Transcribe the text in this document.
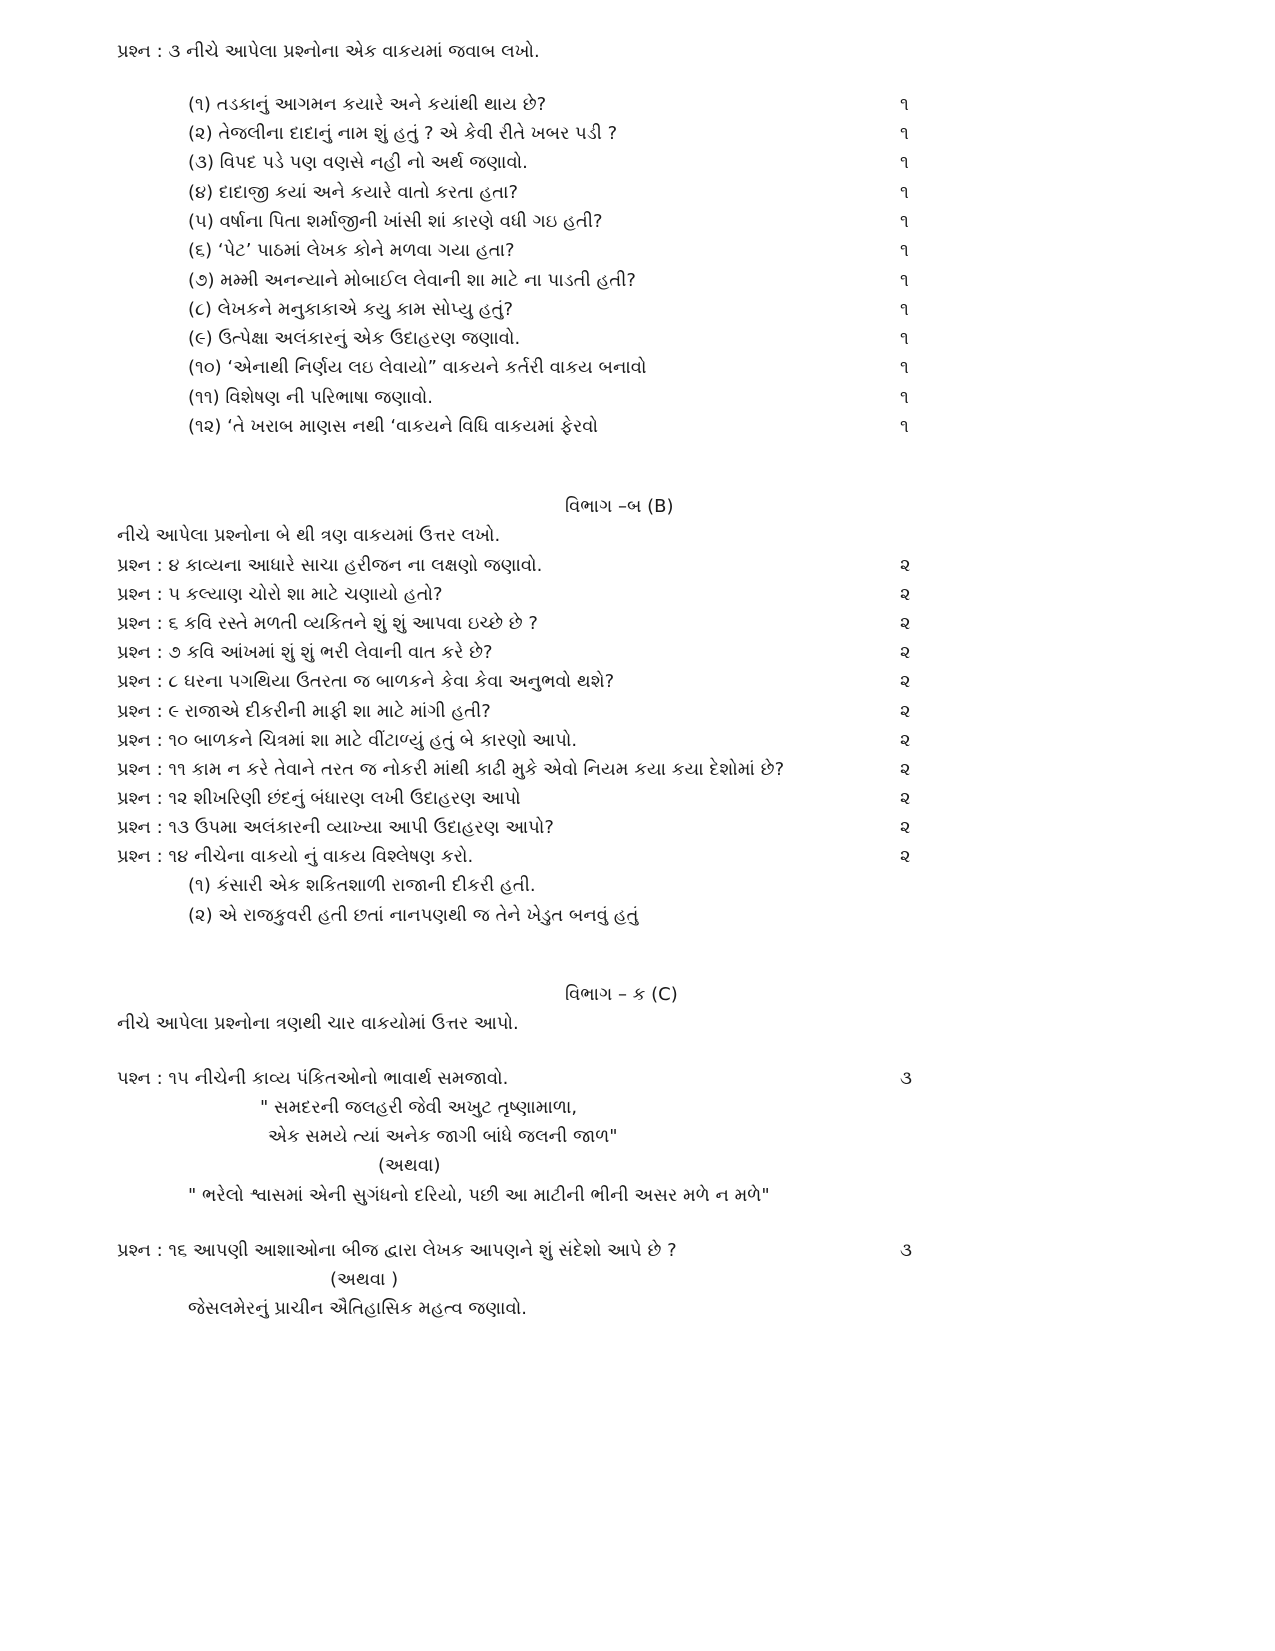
પ્રશ્ન : ૩ નીચે આપેલા પ્રશ્નોના એક વાકયમાં જવાબ લખો.
(૧) તડકાનું આગમન કયારે અને કયાંથી થાય છે?	૧
(૨) તેજલીના દાદાનું નામ શું હતું ? એ કેવી રીતે ખબર પડી ?	૧
(૩) વિપદ પડે પણ વણસે નહી નો અર્થ જણાવો.	૧
(૪) દાદાજી કયાં અને કયારે વાતો કરતા હતા?	૧
(૫) વર્ષાના પિતા શર્માજીની ખાંસી શાં કારણે વધી ગઇ હતી?	૧
(૬) ‘પેટ’ પાઠમાં લેખક કોને મળવા ગયા હતા?	૧
(૭) મમ્મી અનન્યાને મોબાઈલ લેવાની શા માટે ના પાડતી હતી?	૧
(૮) લેખકને મનુકાકાએ કયુ કામ સોપ્યુ હતું?	૧
(૯) ઉત્પેક્ષા અલંકારનું એક ઉદાહરણ જણાવો.	૧
(૧૦) ‘એનાથી નિર્ણય લઇ લેવાયો” વાકયને કર્તરી વાકય બનાવો	૧
(૧૧) વિશેષણ ની પરિભાષા જણાવો.	૧
(૧૨) ‘તે ખરાબ માણસ નથી ‘વાકયને વિધિ વાકયમાં ફેરવો	૧
વિભાગ –બ (B)
નીચે આપેલા પ્રશ્નોના બે થી ત્રણ વાકયમાં ઉત્તર લખો.
પ્રશ્ન : ૪ કાવ્યના આધારે સાચા હરીજન ના લક્ષણો જણાવો.	૨
પ્રશ્ન : ૫ કલ્યાણ ચોરો શા માટે ચણાયો હતો?	૨
પ્રશ્ન : ૬ કવિ રસ્તે મળતી વ્યકિતને શું શું આપવા ઇચ્છે છે ?	૨
પ્રશ્ન : ૭ કવિ આંખમાં શું શું ભરી લેવાની વાત કરે છે?	૨
પ્રશ્ન : ૮ ઘરના પગથિયા ઉતરતા જ બાળકને કેવા કેવા અનુભવો થશે?	૨
પ્રશ્ન : ૯ રાજાએ દીકરીની માફી શા માટે માંગી હતી?	૨
પ્રશ્ન : ૧૦ બાળકને ચિત્રમાં શા માટે વીંટાળ્યું હતું બે કારણો આપો.	૨
પ્રશ્ન : ૧૧ કામ ન કરે તેવાને તરત જ નોકરી માંથી કાઢી મુકે એવો નિયમ કયા કયા દેશોમાં છે?	૨
પ્રશ્ન : ૧૨ શીખરિણી છંદનું બંધારણ લખી ઉદાહરણ આપો	૨
પ્રશ્ન : ૧૩ ઉપમા અલંકારની વ્યાખ્યા આપી ઉદાહરણ આપો?	૨
પ્રશ્ન : ૧૪ નીચેના વાકયો નું વાકય વિશ્લેષણ કરો.	૨
(૧) કંસારી એક શકિતશાળી રાજાની દીકરી હતી.
(૨) એ રાજકુવરી હતી છતાં નાનપણથી જ તેને ખેડુત બનવું હતું
વિભાગ – ક (C)
નીચે આપેલા પ્રશ્નોના ત્રણથી ચાર વાકયોમાં ઉત્તર આપો.
પશ્ન : ૧૫ નીચેની કાવ્ય પંકિતઓનો ભાવાર્થ સમજાવો.	૩
" સમદરની જલહરી જેવી અખુટ તૃષ્ણામાળા,
એક સમયે ત્યાં અનેક જાગી બાંધે જલની જાળ"
(અથવા)
" ભરેલો શ્વાસમાં એની સુગંધનો દરિયો, પછી આ માટીની ભીની અસર મળે ન મળે"
પ્રશ્ન : ૧૬ આપણી આશાઓના બીજ દ્વારા લેખક આપણને શું સંદેશો આપે છે ?	૩
(અથવા )
જેસલમેરનું પ્રાચીન ઐતિહાસિક મહત્વ જણાવો.
